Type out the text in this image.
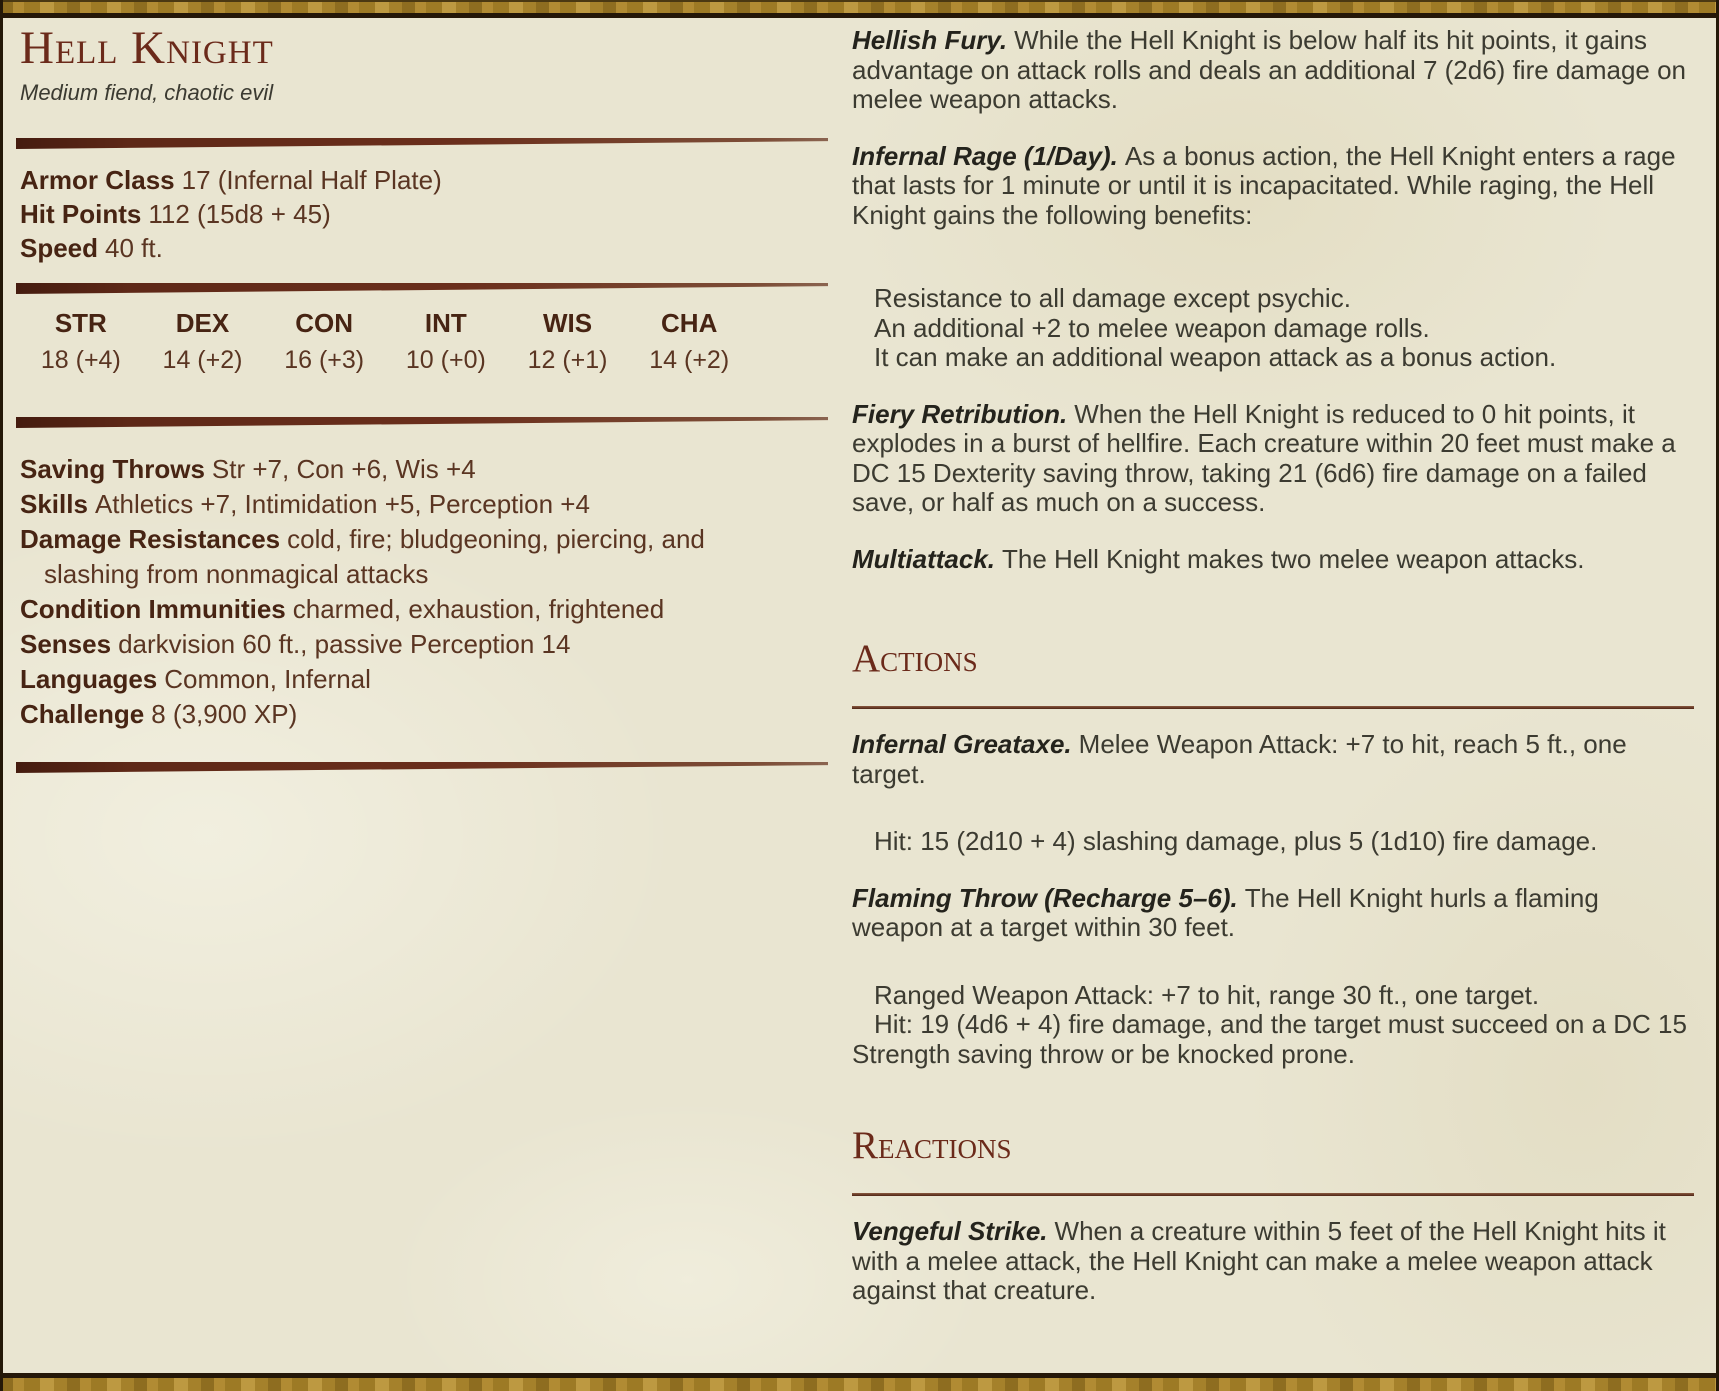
Hell Knight
Medium fiend, chaotic evil
Armor Class 17 (Infernal Half Plate)
Hit Points 112 (15d8 + 45)
Speed 40 ft.
STR
18 (+4)
DEX
14 (+2)
CON
16 (+3)
INT
10 (+0)
WIS
12 (+1)
CHA
14 (+2)
Saving Throws Str +7, Con +6, Wis +4
Skills Athletics +7, Intimidation +5, Perception +4
Damage Resistances cold, fire; bludgeoning, piercing, and slashing from nonmagical attacks
Condition Immunities charmed, exhaustion, frightened
Senses darkvision 60 ft., passive Perception 14
Languages Common, Infernal
Challenge 8 (3,900 XP)

Hellish Fury. While the Hell Knight is below half its hit points, it gains advantage on attack rolls and deals an additional 7 (2d6) fire damage on melee weapon attacks.

Infernal Rage (1/Day). As a bonus action, the Hell Knight enters a rage that lasts for 1 minute or until it is incapacitated. While raging, the Hell Knight gains the following benefits:

Resistance to all damage except psychic.
An additional +2 to melee weapon damage rolls.
It can make an additional weapon attack as a bonus action.

Fiery Retribution. When the Hell Knight is reduced to 0 hit points, it explodes in a burst of hellfire. Each creature within 20 feet must make a DC 15 Dexterity saving throw, taking 21 (6d6) fire damage on a failed save, or half as much on a success.

Multiattack. The Hell Knight makes two melee weapon attacks.

Actions

Infernal Greataxe. Melee Weapon Attack: +7 to hit, reach 5 ft., one target.

Hit: 15 (2d10 + 4) slashing damage, plus 5 (1d10) fire damage.

Flaming Throw (Recharge 5–6). The Hell Knight hurls a flaming weapon at a target within 30 feet.

Ranged Weapon Attack: +7 to hit, range 30 ft., one target.
Hit: 19 (4d6 + 4) fire damage, and the target must succeed on a DC 15 Strength saving throw or be knocked prone.
Reactions

Vengeful Strike. When a creature within 5 feet of the Hell Knight hits it with a melee attack, the Hell Knight can make a melee weapon attack against that creature.
